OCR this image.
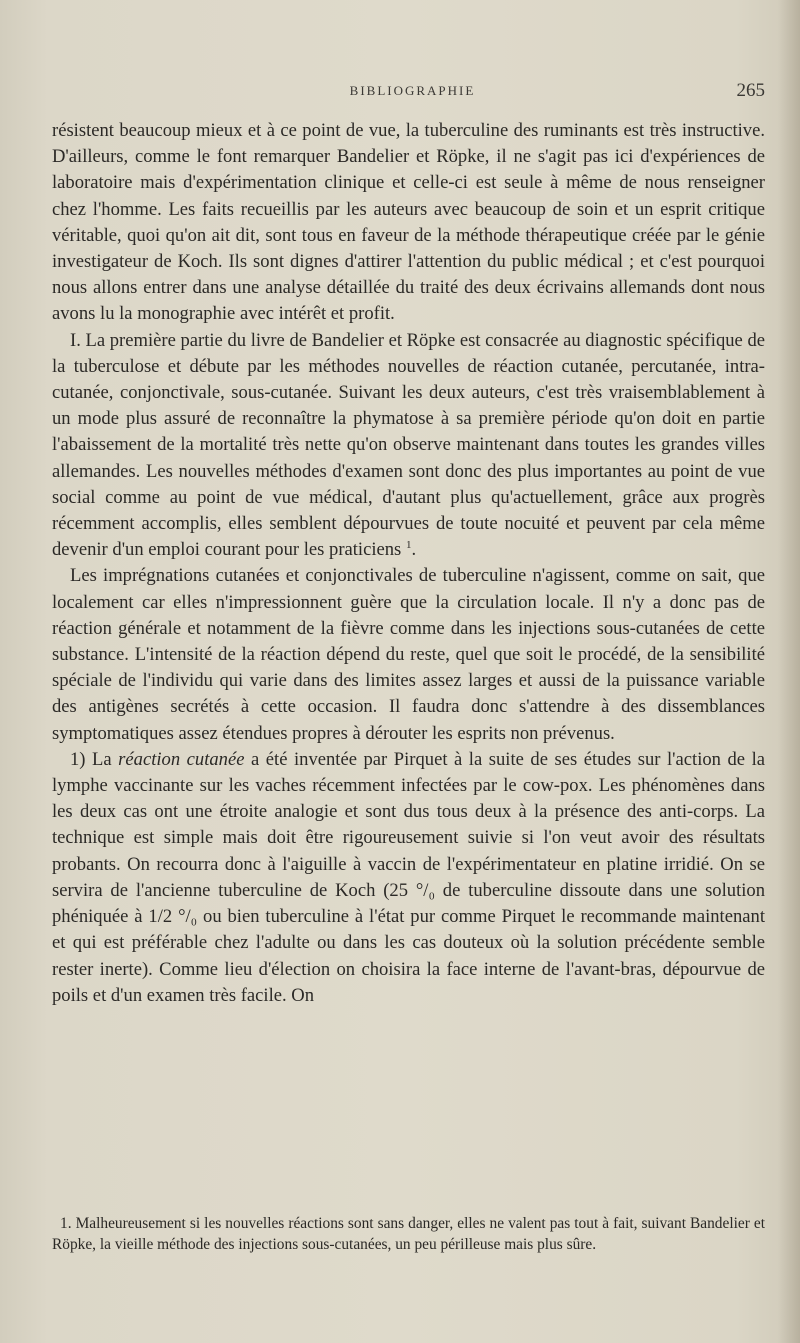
BIBLIOGRAPHIE	265

résistent beaucoup mieux et à ce point de vue, la tuberculine des ruminants est très instructive. D'ailleurs, comme le font remarquer Bandelier et Röpke, il ne s'agit pas ici d'expériences de laboratoire mais d'expérimentation clinique et celle-ci est seule à même de nous renseigner chez l'homme. Les faits recueillis par les auteurs avec beaucoup de soin et un esprit critique véritable, quoi qu'on ait dit, sont tous en faveur de la méthode thérapeutique créée par le génie investigateur de Koch. Ils sont dignes d'attirer l'attention du public médical ; et c'est pourquoi nous allons entrer dans une analyse détaillée du traité des deux écrivains allemands dont nous avons lu la monographie avec intérêt et profit.

I. La première partie du livre de Bandelier et Röpke est consacrée au diagnostic spécifique de la tuberculose et débute par les méthodes nouvelles de réaction cutanée, percutanée, intra-cutanée, conjonctivale, sous-cutanée. Suivant les deux auteurs, c'est très vraisemblablement à un mode plus assuré de reconnaître la phymatose à sa première période qu'on doit en partie l'abaissement de la mortalité très nette qu'on observe maintenant dans toutes les grandes villes allemandes. Les nouvelles méthodes d'examen sont donc des plus importantes au point de vue social comme au point de vue médical, d'autant plus qu'actuellement, grâce aux progrès récemment accomplis, elles semblent dépourvues de toute nocuité et peuvent par cela même devenir d'un emploi courant pour les praticiens $^1$.

Les imprégnations cutanées et conjonctivales de tuberculine n'agissent, comme on sait, que localement car elles n'impressionnent guère que la circulation locale. Il n'y a donc pas de réaction générale et notamment de la fièvre comme dans les injections sous-cutanées de cette substance. L'intensité de la réaction dépend du reste, quel que soit le procédé, de la sensibilité spéciale de l'individu qui varie dans des limites assez larges et aussi de la puissance variable des antigènes secrétés à cette occasion. Il faudra donc s'attendre à des dissemblances symptomatiques assez étendues propres à dérouter les esprits non prévenus.

1) La réaction cutanée a été inventée par Pirquet à la suite de ses études sur l'action de la lymphe vaccinante sur les vaches récemment infectées par le cow-pox. Les phénomènes dans les deux cas ont une étroite analogie et sont dus tous deux à la présence des anti-corps. La technique est simple mais doit être rigoureusement suivie si l'on veut avoir des résultats probants. On recourra donc à l'aiguille à vaccin de l'expérimentateur en platine irridié. On se servira de l'ancienne tuberculine de Koch (25 °/₀ de tuberculine dissoute dans une solution phéniquée à 1/2 °/₀ ou bien tuberculine à l'état pur comme Pirquet le recommande maintenant et qui est préférable chez l'adulte ou dans les cas douteux où la solution précédente semble rester inerte). Comme lieu d'élection on choisira la face interne de l'avant-bras, dépourvue de poils et d'un examen très facile. On

1. Malheureusement si les nouvelles réactions sont sans danger, elles ne valent pas tout à fait, suivant Bandelier et Röpke, la vieille méthode des injections sous-cutanées, un peu périlleuse mais plus sûre.
